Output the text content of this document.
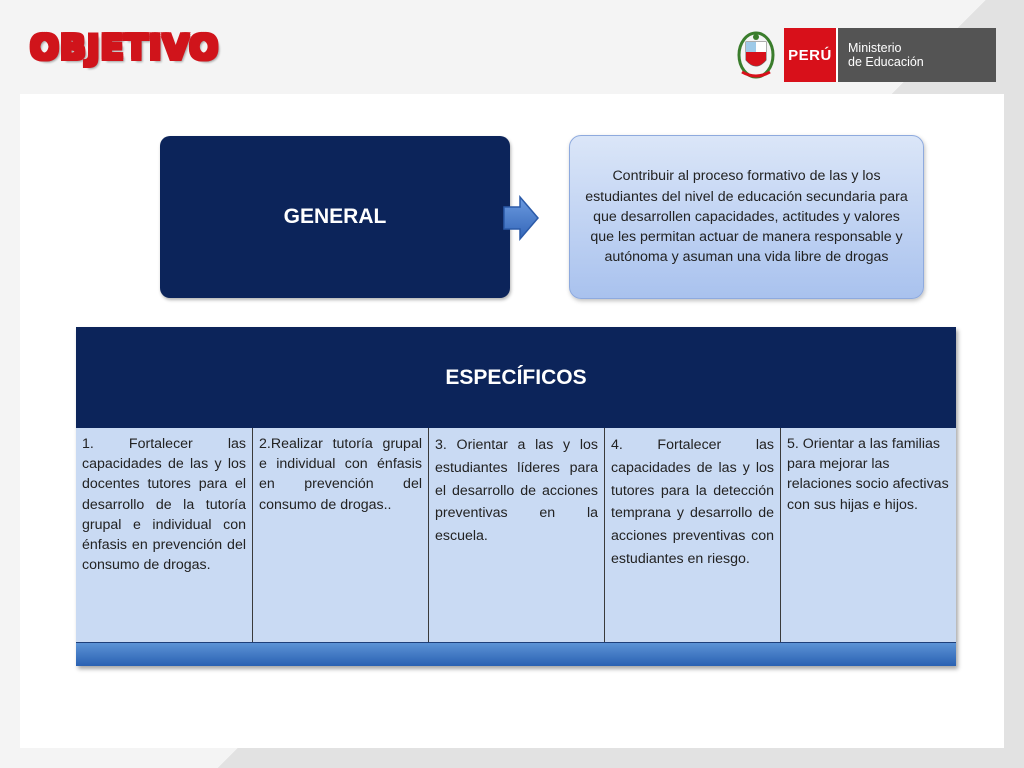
OBJETIVO	PERÚ	Ministerio
de Educación
GENERAL
Contribuir al proceso formativo de las y los estudiantes del nivel de educación secundaria para que desarrollen capacidades, actitudes y valores que les permitan actuar de manera responsable y autónoma y asuman una vida libre de drogas
ESPECÍFICOS
1. Fortalecer las capacidades de las y los docentes tutores para el desarrollo de la tutoría grupal e individual con énfasis en prevención del consumo de drogas.
2.Realizar tutoría grupal e individual con énfasis en prevención del consumo de drogas..
3. Orientar a las y los estudiantes líderes para el desarrollo de acciones preventivas en la escuela.
4. Fortalecer las capacidades de las y los tutores para la detección temprana y desarrollo de acciones preventivas con estudiantes en riesgo.
5. Orientar a las familias para mejorar las relaciones socio afectivas con sus hijas e hijos.
